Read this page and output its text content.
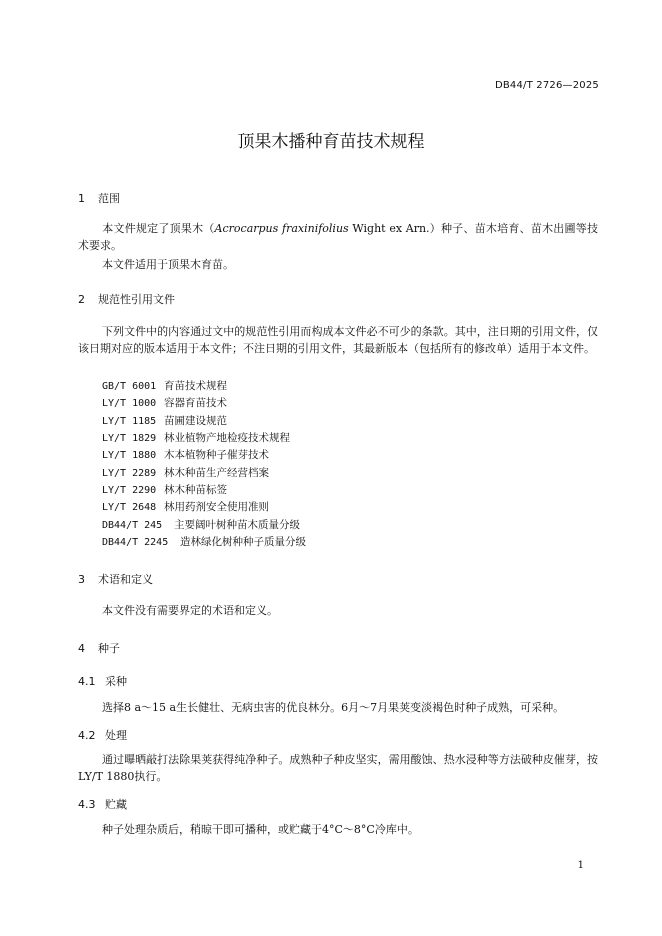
DB44/T 2726—2025
顶果木播种育苗技术规程
1 范围
本文件规定了顶果木（Acrocarpus fraxinifolius Wight ex Arn.）种子、苗木培育、苗木出圃等技术要求。
本文件适用于顶果木育苗。
2 规范性引用文件
下列文件中的内容通过文中的规范性引用而构成本文件必不可少的条款。其中，注日期的引用文件，仅该日期对应的版本适用于本文件；不注日期的引用文件，其最新版本（包括所有的修改单）适用于本文件。
GB/T 6001 育苗技术规程
LY/T 1000 容器育苗技术
LY/T 1185 苗圃建设规范
LY/T 1829 林业植物产地检疫技术规程
LY/T 1880 木本植物种子催芽技术
LY/T 2289 林木种苗生产经营档案
LY/T 2290 林木种苗标签
LY/T 2648 林用药剂安全使用准则
DB44/T 245 主要阔叶树种苗木质量分级
DB44/T 2245 造林绿化树种种子质量分级
3 术语和定义
本文件没有需要界定的术语和定义。
4 种子
4.1 采种
选择8 a～15 a生长健壮、无病虫害的优良林分。6月～7月果荚变淡褐色时种子成熟，可采种。
4.2 处理
通过曝晒敲打法除果荚获得纯净种子。成熟种子种皮坚实，需用酸蚀、热水浸种等方法破种皮催芽，按LY/T 1880执行。
4.3 贮藏
种子处理杂质后，稍晾干即可播种，或贮藏于4°C～8°C冷库中。
1
